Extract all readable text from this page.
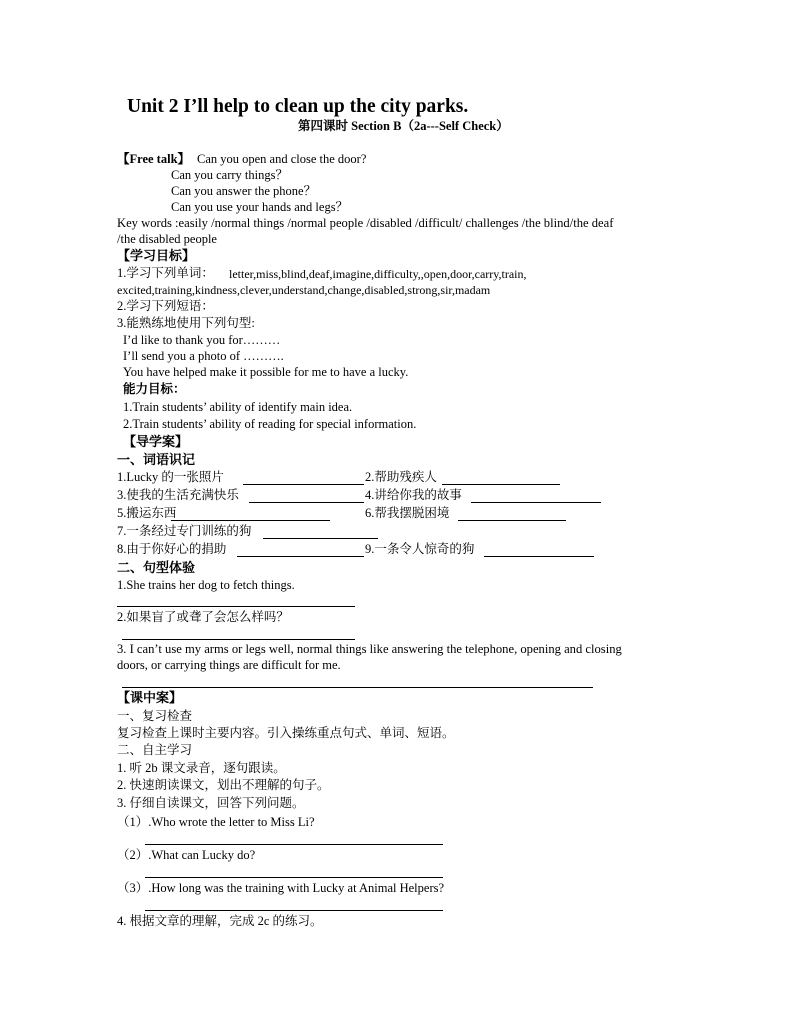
Unit 2 I’ll help to clean up the city parks.
第四课时 Section B（2a---Self Check）
【Free talk】 Can you open and close the door?
Can you carry things？
Can you answer the phone？
Can you use your hands and legs？
Key words :easily /normal things /normal people /disabled /difficult/ challenges /the blind/the deaf
/the disabled people
【学习目标】
1.学习下列单词： letter,miss,blind,deaf,imagine,difficulty,,open,door,carry,train,
excited,training,kindness,clever,understand,change,disabled,strong,sir,madam
2.学习下列短语：
3.能熟练地使用下列句型:
I’d like to thank you for………
I’ll send you a photo of ……….
You have helped make it possible for me to have a lucky.
能力目标：
1.Train students’ ability of identify main idea.
2.Train students’ ability of reading for special information.
【导学案】
一、词语识记
1.Lucky 的一张照片	2.帮助残疾人
3.使我的生活充满快乐	4.讲给你我的故事
5.搬运东西	6.帮我摆脱困境
7.一条经过专门训练的狗
8.由于你好心的捐助	9.一条令人惊奇的狗
二、句型体验
1.She trains her dog to fetch things.
2.如果盲了或聋了会怎么样吗？
3. I can’t use my arms or legs well, normal things like answering the telephone, opening and closing
doors, or carrying things are difficult for me.
【课中案】
一、复习检查
复习检查上课时主要内容。引入操练重点句式、单词、短语。
二、自主学习
1. 听 2b 课文录音，逐句跟读。
2. 快速朗读课文，划出不理解的句子。
3. 仔细自读课文，回答下列问题。
（1）.Who wrote the letter to Miss Li?
（2）.What can Lucky do?
（3）.How long was the training with Lucky at Animal Helpers?
4. 根据文章的理解，完成 2c 的练习。
